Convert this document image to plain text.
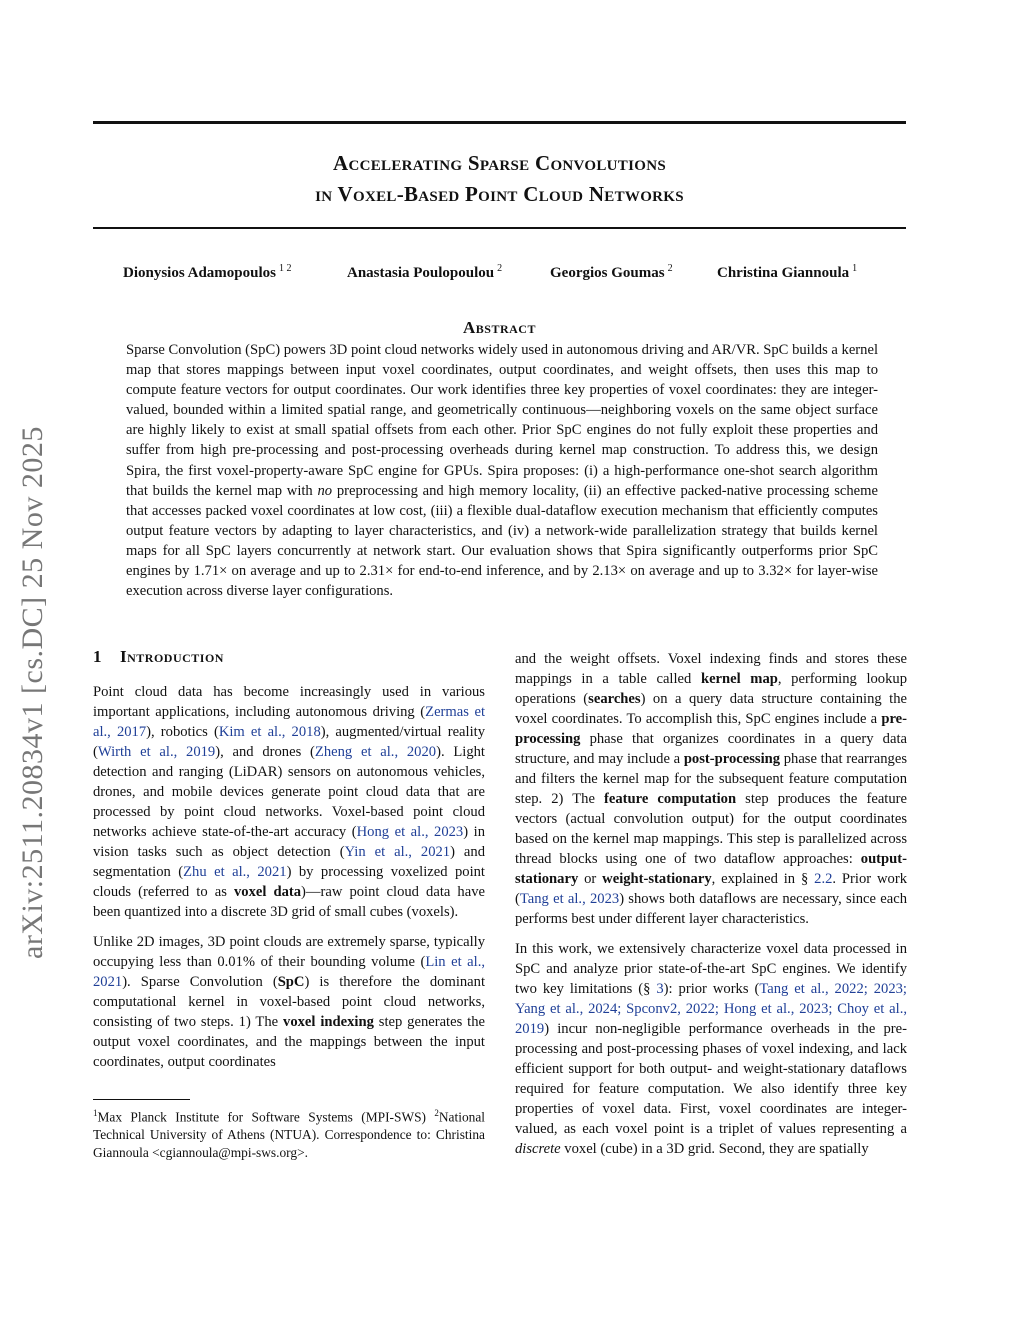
arXiv:2511.20834v1 [cs.DC] 25 Nov 2025
Accelerating Sparse Convolutions
in Voxel-Based Point Cloud Networks
Dionysios Adamopoulos $^{1 2}$	Anastasia Poulopoulou $^2$	Georgios Goumas $^2$	Christina Giannoula $^1$
Abstract
Sparse Convolution (SpC) powers 3D point cloud networks widely used in autonomous driving and AR/VR. SpC builds a kernel map that stores mappings between input voxel coordinates, output coordinates, and weight offsets, then uses this map to compute feature vectors for output coordinates. Our work identifies three key properties of voxel coordinates: they are integer-valued, bounded within a limited spatial range, and geometrically continuous—neighboring voxels on the same object surface are highly likely to exist at small spatial offsets from each other. Prior SpC engines do not fully exploit these properties and suffer from high pre-processing and post-processing overheads during kernel map construction. To address this, we design Spira, the first voxel-property-aware SpC engine for GPUs. Spira proposes: (i) a high-performance one-shot search algorithm that builds the kernel map with no preprocessing and high memory locality, (ii) an effective packed-native processing scheme that accesses packed voxel coordinates at low cost, (iii) a flexible dual-dataflow execution mechanism that efficiently computes output feature vectors by adapting to layer characteristics, and (iv) a network-wide parallelization strategy that builds kernel maps for all SpC layers concurrently at network start. Our evaluation shows that Spira significantly outperforms prior SpC engines by 1.71× on average and up to 2.31× for end-to-end inference, and by 2.13× on average and up to 3.32× for layer-wise execution across diverse layer configurations.
1 Introduction

Point cloud data has become increasingly used in various important applications, including autonomous driving (Zermas et al., 2017), robotics (Kim et al., 2018), augmented/virtual reality (Wirth et al., 2019), and drones (Zheng et al., 2020). Light detection and ranging (LiDAR) sensors on autonomous vehicles, drones, and mobile devices generate point cloud data that are processed by point cloud networks. Voxel-based point cloud networks achieve state-of-the-art accuracy (Hong et al., 2023) in vision tasks such as object detection (Yin et al., 2021) and segmentation (Zhu et al., 2021) by processing voxelized point clouds (referred to as voxel data)—raw point cloud data have been quantized into a discrete 3D grid of small cubes (voxels).

Unlike 2D images, 3D point clouds are extremely sparse, typically occupying less than 0.01% of their bounding volume (Lin et al., 2021). Sparse Convolution (SpC) is therefore the dominant computational kernel in voxel-based point cloud networks, consisting of two steps. 1) The voxel indexing step generates the output voxel coordinates, and the mappings between the input coordinates, output coordinates

and the weight offsets. Voxel indexing finds and stores these mappings in a table called kernel map, performing lookup operations (searches) on a query data structure containing the voxel coordinates. To accomplish this, SpC engines include a pre-processing phase that organizes coordinates in a query data structure, and may include a post-processing phase that rearranges and filters the kernel map for the subsequent feature computation step. 2) The feature computation step produces the feature vectors (actual convolution output) for the output coordinates based on the kernel map mappings. This step is parallelized across thread blocks using one of two dataflow approaches: output-stationary or weight-stationary, explained in § 2.2. Prior work (Tang et al., 2023) shows both dataflows are necessary, since each performs best under different layer characteristics.

In this work, we extensively characterize voxel data processed in SpC and analyze prior state-of-the-art SpC engines. We identify two key limitations (§ 3): prior works (Tang et al., 2022; 2023; Yang et al., 2024; Spconv2, 2022; Hong et al., 2023; Choy et al., 2019) incur non-negligible performance overheads in the pre-processing and post-processing phases of voxel indexing, and lack efficient support for both output- and weight-stationary dataflows required for feature computation. We also identify three key properties of voxel data. First, voxel coordinates are integer-valued, as each voxel point is a triplet of values representing a discrete voxel (cube) in a 3D grid. Second, they are spatially

$^1$Max Planck Institute for Software Systems (MPI-SWS) $^2$National Technical University of Athens (NTUA). Correspondence to: Christina Giannoula <cgiannoula@mpi-sws.org>.
